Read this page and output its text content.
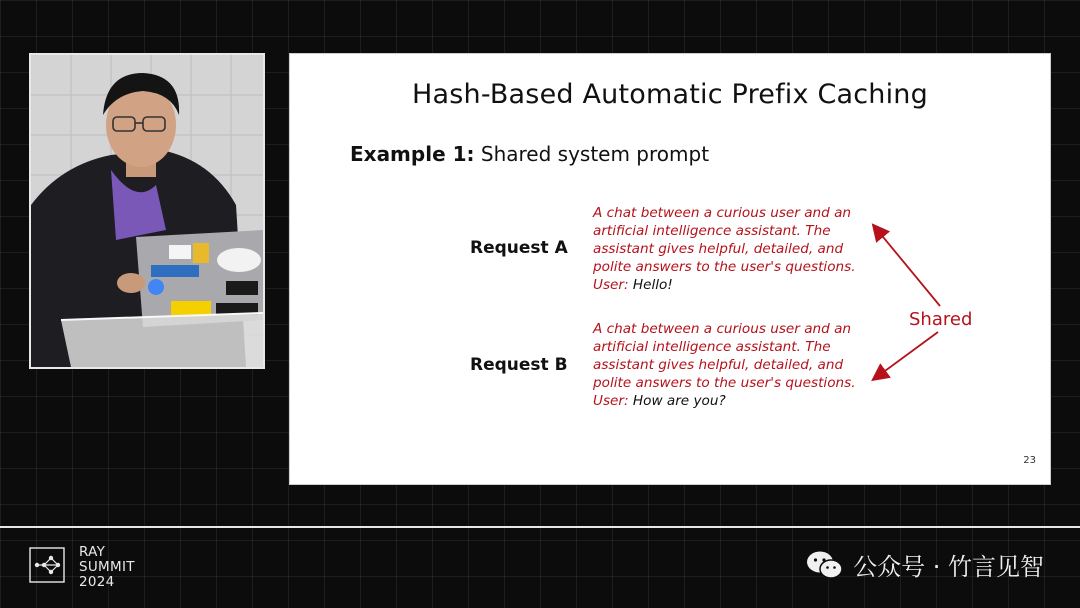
Hash-Based Automatic Prefix Caching
Example 1: Shared system prompt
Request A
A chat between a curious user and an
artificial intelligence assistant. The
assistant gives helpful, detailed, and
polite answers to the user's questions.
User: Hello!
Request B
A chat between a curious user and an
artificial intelligence assistant. The
assistant gives helpful, detailed, and
polite answers to the user's questions.
User: How are you?
Shared
23
RAY
SUMMIT
2024
公众号 · 竹言见智
